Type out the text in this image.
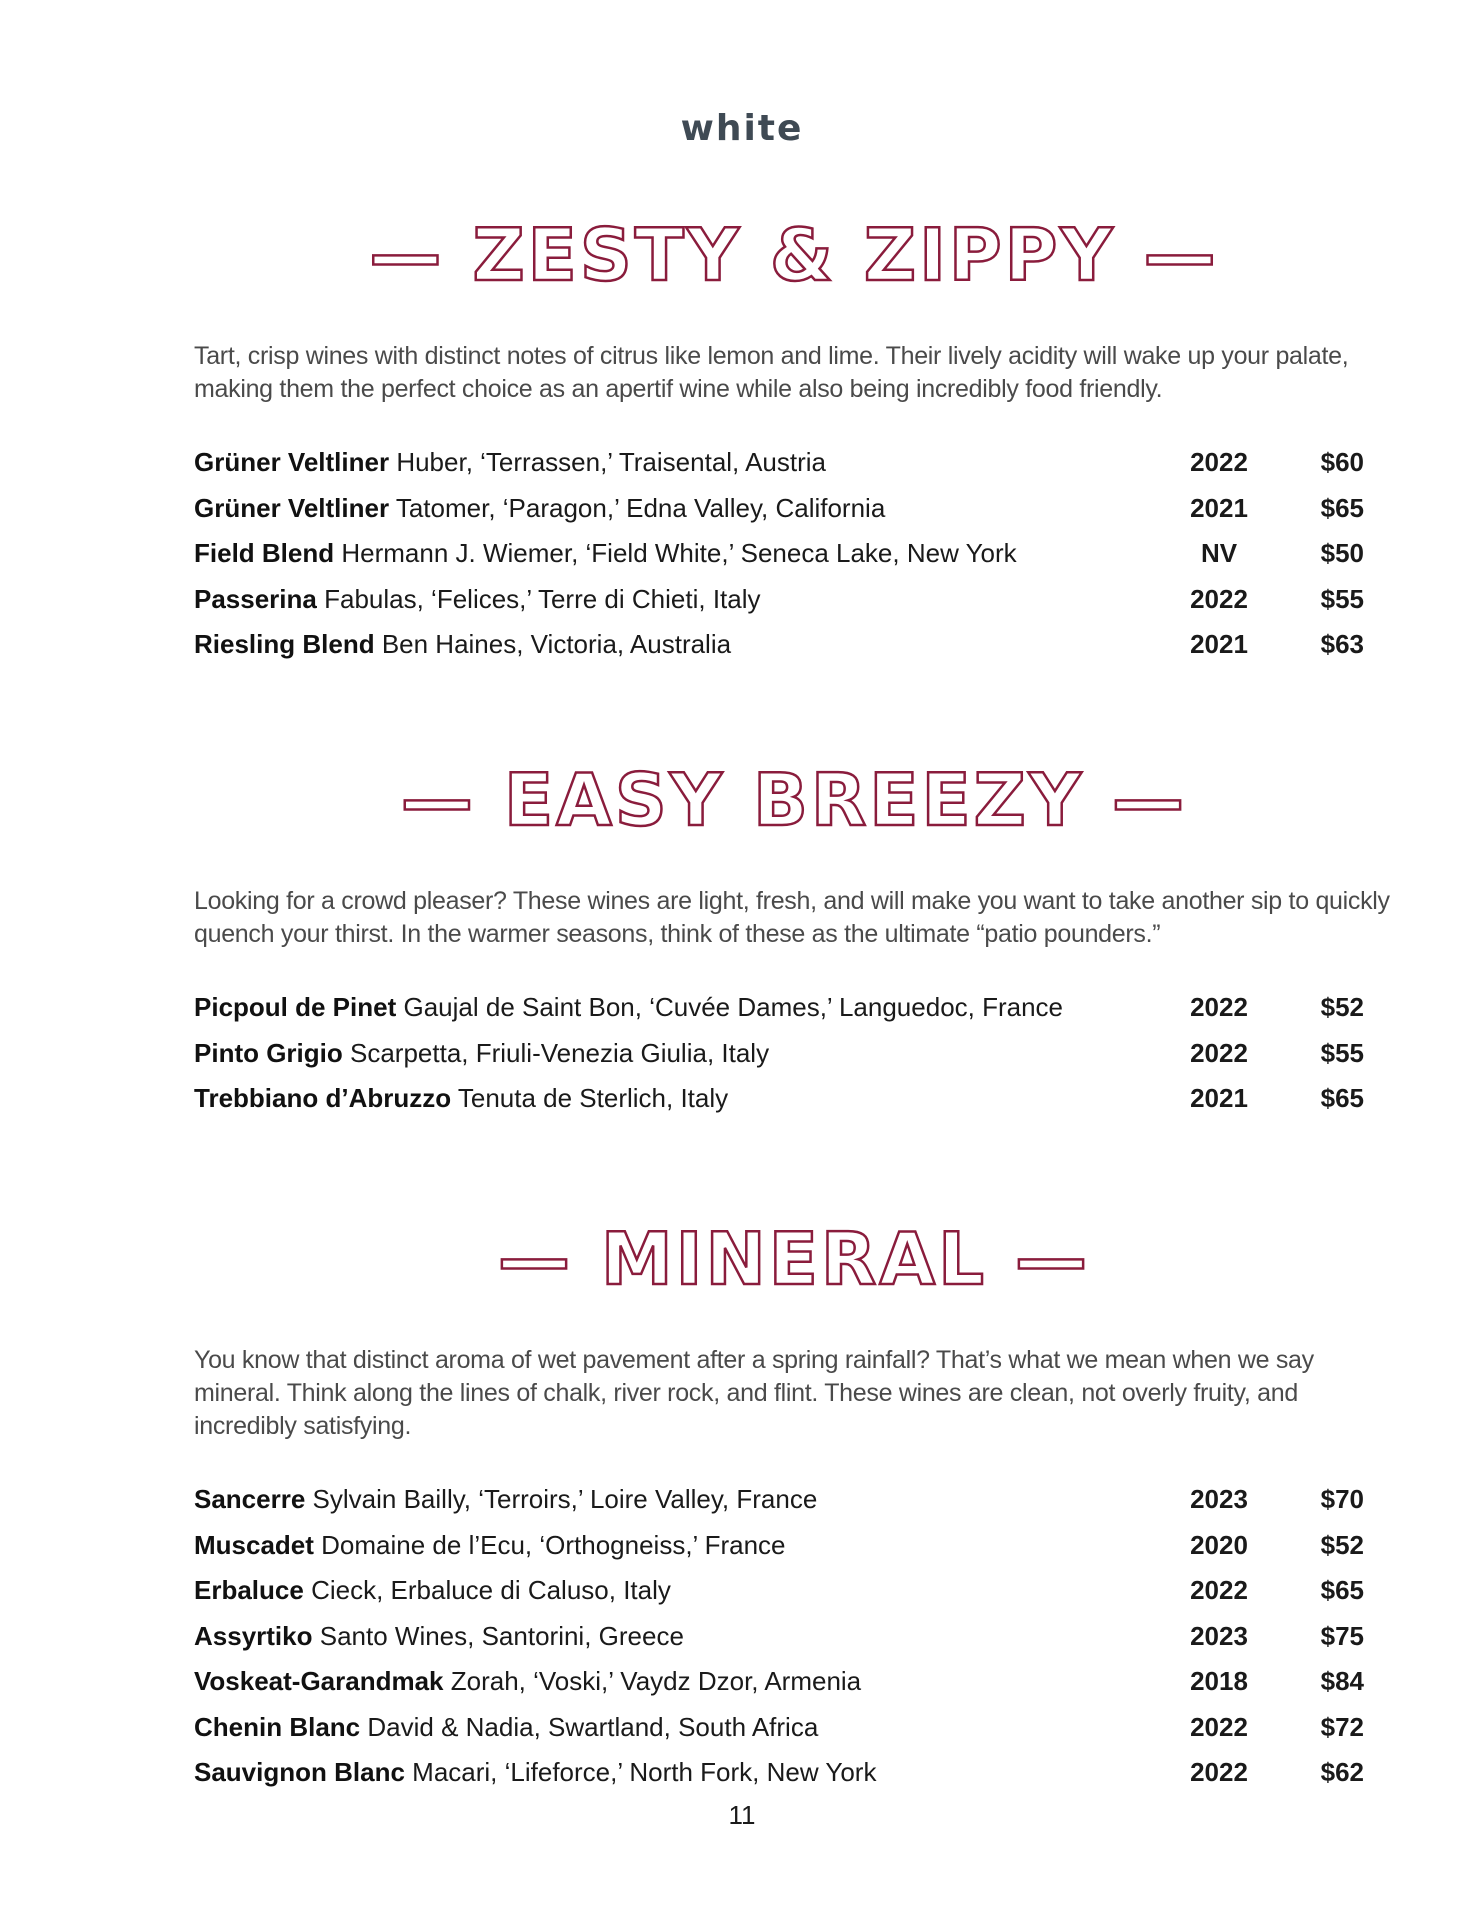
white
— ZESTY & ZIPPY —
Tart, crisp wines with distinct notes of citrus like lemon and lime. Their lively acidity will wake up your palate, making them the perfect choice as an apertif wine while also being incredibly food friendly.
Grüner Veltliner Huber, ‘Terrassen,’ Traisental, Austria	2022	$60
Grüner Veltliner Tatomer, ‘Paragon,’ Edna Valley, California	2021	$65
Field Blend Hermann J. Wiemer, ‘Field White,’ Seneca Lake, New York	NV	$50
Passerina Fabulas, ‘Felices,’ Terre di Chieti, Italy	2022	$55
Riesling Blend Ben Haines, Victoria, Australia	2021	$63
— EASY BREEZY —
Looking for a crowd pleaser? These wines are light, fresh, and will make you want to take another sip to quickly quench your thirst. In the warmer seasons, think of these as the ultimate “patio pounders.”
Picpoul de Pinet Gaujal de Saint Bon, ‘Cuvée Dames,’ Languedoc, France	2022	$52
Pinto Grigio Scarpetta, Friuli-Venezia Giulia, Italy	2022	$55
Trebbiano d’Abruzzo Tenuta de Sterlich, Italy	2021	$65
— MINERAL —
You know that distinct aroma of wet pavement after a spring rainfall? That’s what we mean when we say mineral. Think along the lines of chalk, river rock, and flint. These wines are clean, not overly fruity, and incredibly satisfying.
Sancerre Sylvain Bailly, ‘Terroirs,’ Loire Valley, France	2023	$70
Muscadet Domaine de l’Ecu, ‘Orthogneiss,’ France	2020	$52
Erbaluce Cieck, Erbaluce di Caluso, Italy	2022	$65
Assyrtiko Santo Wines, Santorini, Greece	2023	$75
Voskeat-Garandmak Zorah, ‘Voski,’ Vaydz Dzor, Armenia	2018	$84
Chenin Blanc David & Nadia, Swartland, South Africa	2022	$72
Sauvignon Blanc Macari, ‘Lifeforce,’ North Fork, New York	2022	$62
11
